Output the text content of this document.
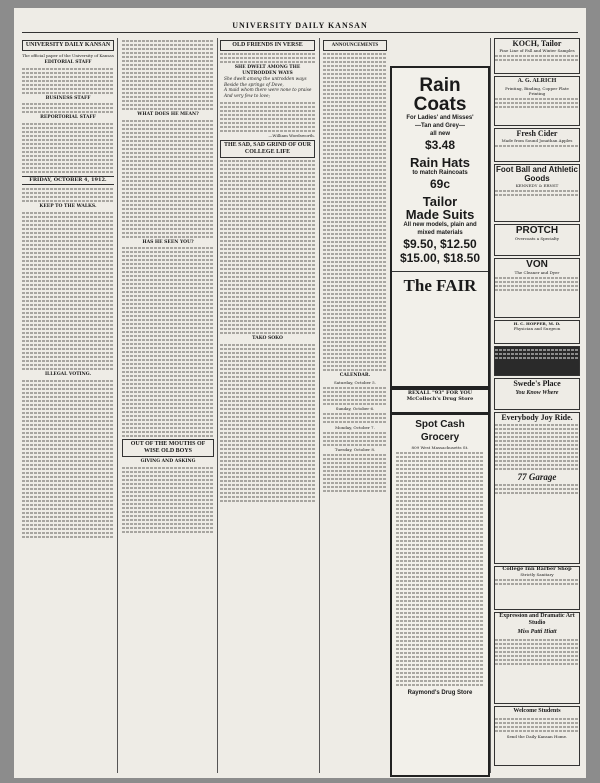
UNIVERSITY DAILY KANSAN
UNIVERSITY DAILY KANSAN
The official paper of the University of Kansas
EDITORIAL STAFF
BUSINESS STAFF
REPORTORIAL STAFF
FRIDAY, OCTOBER 4, 1912.
KEEP TO THE WALKS.
ILLEGAL VOTING.
WHAT DOES HE MEAN?
HAS HE SEEN YOU?
OUT OF THE MOUTHS OF WISE OLD BOYS
GIVING AND ASKING
OLD FRIENDS IN VERSE
SHE DWELT AMONG THE UNTRODDEN WAYS
She dwelt among the untrodden ways
Beside the springs of Dove,
A maid whom there were none to praise
And very few to love;
—William Wordsworth.
THE SAD, SAD GRIND OF OUR COLLEGE LIFE
TAKO SOKO
ANNOUNCEMENTS
CALENDAR.
Saturday, October 5.
Sunday, October 6.
Monday, October 7.
Tuesday, October 8.
Rain
Coats
For Ladies' and Misses'
—Tan and Grey—
all new
$3.48
Rain Hats
to match Raincoats
69c
Tailor
Made Suits
All new models, plain and mixed materials
$9.50, $12.50
$15.00, $18.50
The FAIR
REXALL "93" FOR YOU
McColloch's Drug Store
Spot Cash
Grocery
809 West Massachusetts St.
Raymond's Drug Store
KOCH, Tailor
Fine Line of Fall and Winter Samples
A. G. ALRICH
Printing, Binding, Copper Plate Printing
Fresh Cider
Made from Sound Jonathan Apples
Foot Ball and Athletic Goods
KENNEDY & ERNST
PROTCH
Overcoats a Specialty
VON
The Cleaner and Dyer
H. C. HOPPER, M. D.
Physician and Surgeon
Swede's Place
You Know Where
Everybody Joy Ride.
77 Garage
College Inn Barber Shop
Strictly Sanitary
Expression and Dramatic Art Studio
Miss Patti Hiatt
Welcome Students
Send the Daily Kansan Home.
